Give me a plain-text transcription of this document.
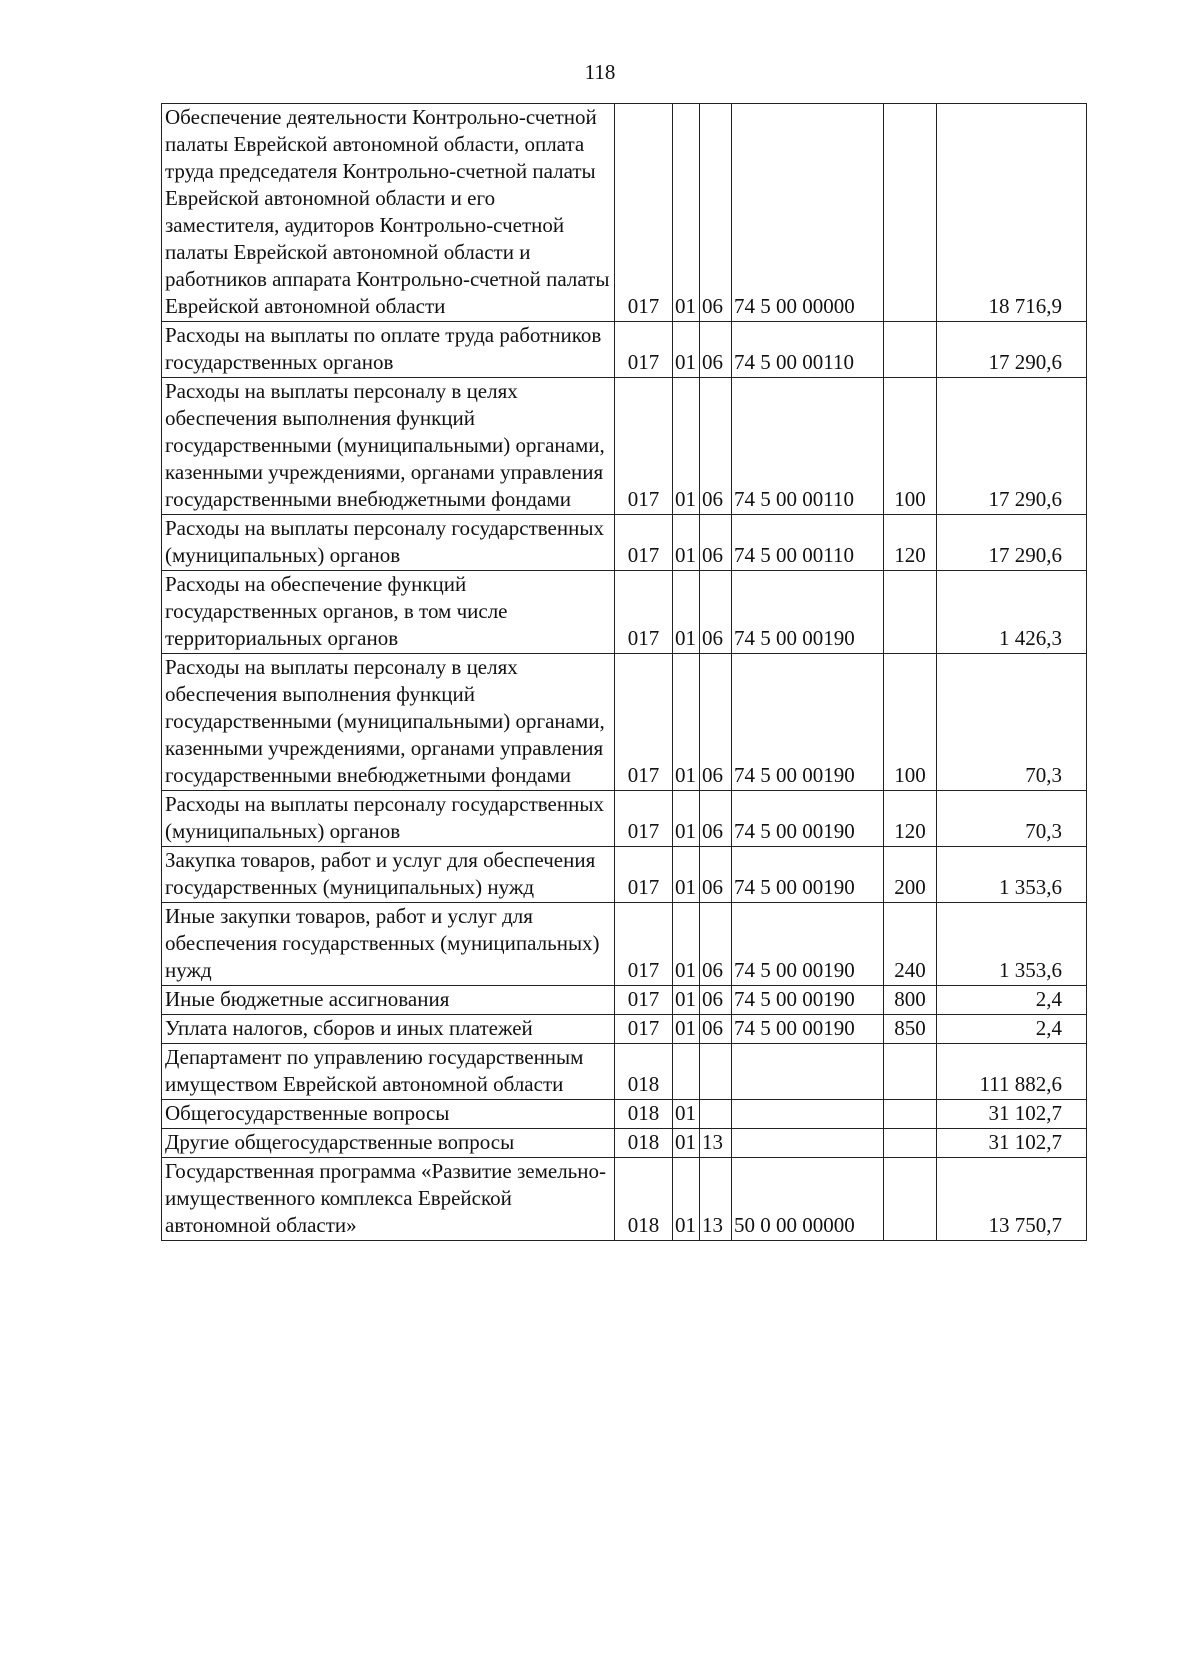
118
Обеспечение деятельности Контрольно-счетной палаты Еврейской автономной области, оплата труда председателя Контрольно-счетной палаты Еврейской автономной области и его заместителя, аудиторов Контрольно-счетной палаты Еврейской автономной области и работников аппарата Контрольно-счетной палаты Еврейской автономной области	017	01	06	74 5 00 00000		18 716,9
Расходы на выплаты по оплате труда работников государственных органов	017	01	06	74 5 00 00110		17 290,6
Расходы на выплаты персоналу в целях обеспечения выполнения функций государственными (муниципальными) органами, казенными учреждениями, органами управления государственными внебюджетными фондами	017	01	06	74 5 00 00110	100	17 290,6
Расходы на выплаты персоналу государственных (муниципальных) органов	017	01	06	74 5 00 00110	120	17 290,6
Расходы на обеспечение функций государственных органов, в том числе территориальных органов	017	01	06	74 5 00 00190		1 426,3
Расходы на выплаты персоналу в целях обеспечения выполнения функций государственными (муниципальными) органами, казенными учреждениями, органами управления государственными внебюджетными фондами	017	01	06	74 5 00 00190	100	70,3
Расходы на выплаты персоналу государственных (муниципальных) органов	017	01	06	74 5 00 00190	120	70,3
Закупка товаров, работ и услуг для обеспечения государственных (муниципальных) нужд	017	01	06	74 5 00 00190	200	1 353,6
Иные закупки товаров, работ и услуг для обеспечения государственных (муниципальных) нужд	017	01	06	74 5 00 00190	240	1 353,6
Иные бюджетные ассигнования	017	01	06	74 5 00 00190	800	2,4
Уплата налогов, сборов и иных платежей	017	01	06	74 5 00 00190	850	2,4
Департамент по управлению государственным имуществом Еврейской автономной области	018					111 882,6
Общегосударственные вопросы	018	01				31 102,7
Другие общегосударственные вопросы	018	01	13			31 102,7
Государственная программа «Развитие земельно-имущественного комплекса Еврейской автономной области»	018	01	13	50 0 00 00000		13 750,7
